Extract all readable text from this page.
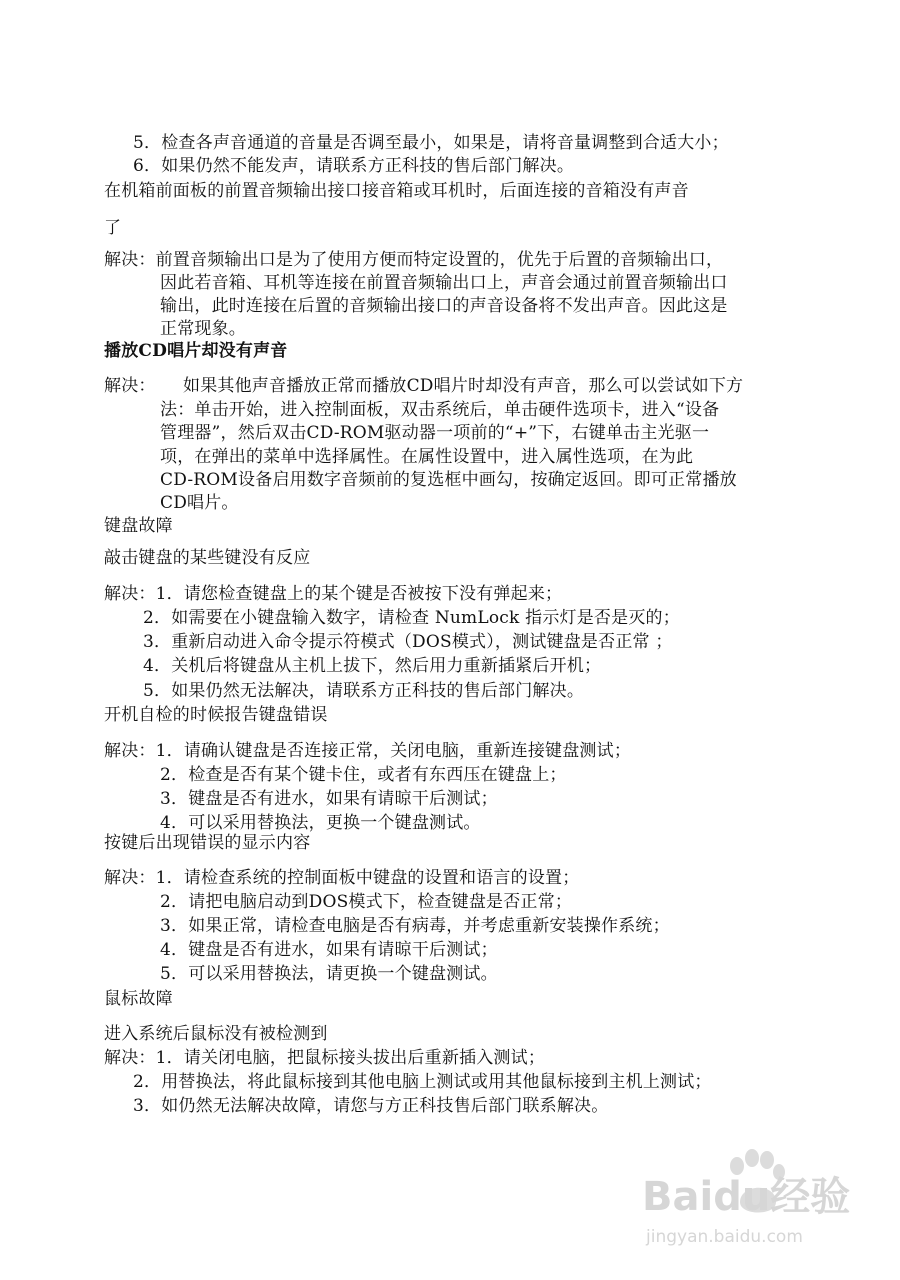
5．检查各声音通道的音量是否调至最小，如果是，请将音量调整到合适大小；
6．如果仍然不能发声，请联系方正科技的售后部门解决。
在机箱前面板的前置音频输出接口接音箱或耳机时，后面连接的音箱没有声音
了
解决：前置音频输出口是为了使用方便而特定设置的，优先于后置的音频输出口，
因此若音箱、耳机等连接在前置音频输出口上，声音会通过前置音频输出口
输出，此时连接在后置的音频输出接口的声音设备将不发出声音。因此这是
正常现象。
播放CD唱片却没有声音
解决： 如果其他声音播放正常而播放CD唱片时却没有声音，那么可以尝试如下方
法：单击开始，进入控制面板，双击系统后，单击硬件选项卡，进入“设备
管理器”，然后双击CD-ROM驱动器一项前的“+”下，右键单击主光驱一
项，在弹出的菜单中选择属性。在属性设置中，进入属性选项，在为此
CD-ROM设备启用数字音频前的复选框中画勾，按确定返回。即可正常播放
CD唱片。
键盘故障
敲击键盘的某些键没有反应
解决：1．请您检查键盘上的某个键是否被按下没有弹起来；
2．如需要在小键盘输入数字，请检查 NumLock 指示灯是否是灭的；
3．重新启动进入命令提示符模式（DOS模式），测试键盘是否正常 ；
4．关机后将键盘从主机上拔下，然后用力重新插紧后开机；
5．如果仍然无法解决，请联系方正科技的售后部门解决。
开机自检的时候报告键盘错误
解决：1．请确认键盘是否连接正常，关闭电脑，重新连接键盘测试；
2．检查是否有某个键卡住，或者有东西压在键盘上；
3．键盘是否有进水，如果有请晾干后测试；
4．可以采用替换法，更换一个键盘测试。
按键后出现错误的显示内容
解决：1．请检查系统的控制面板中键盘的设置和语言的设置；
2．请把电脑启动到DOS模式下，检查键盘是否正常；
3．如果正常，请检查电脑是否有病毒，并考虑重新安装操作系统；
4．键盘是否有进水，如果有请晾干后测试；
5．可以采用替换法，请更换一个键盘测试。
鼠标故障
进入系统后鼠标没有被检测到
解决：1．请关闭电脑，把鼠标接头拔出后重新插入测试；
2．用替换法，将此鼠标接到其他电脑上测试或用其他鼠标接到主机上测试；
3．如仍然无法解决故障，请您与方正科技售后部门联系解决。
Baidu经验
jingyan.baidu.com
